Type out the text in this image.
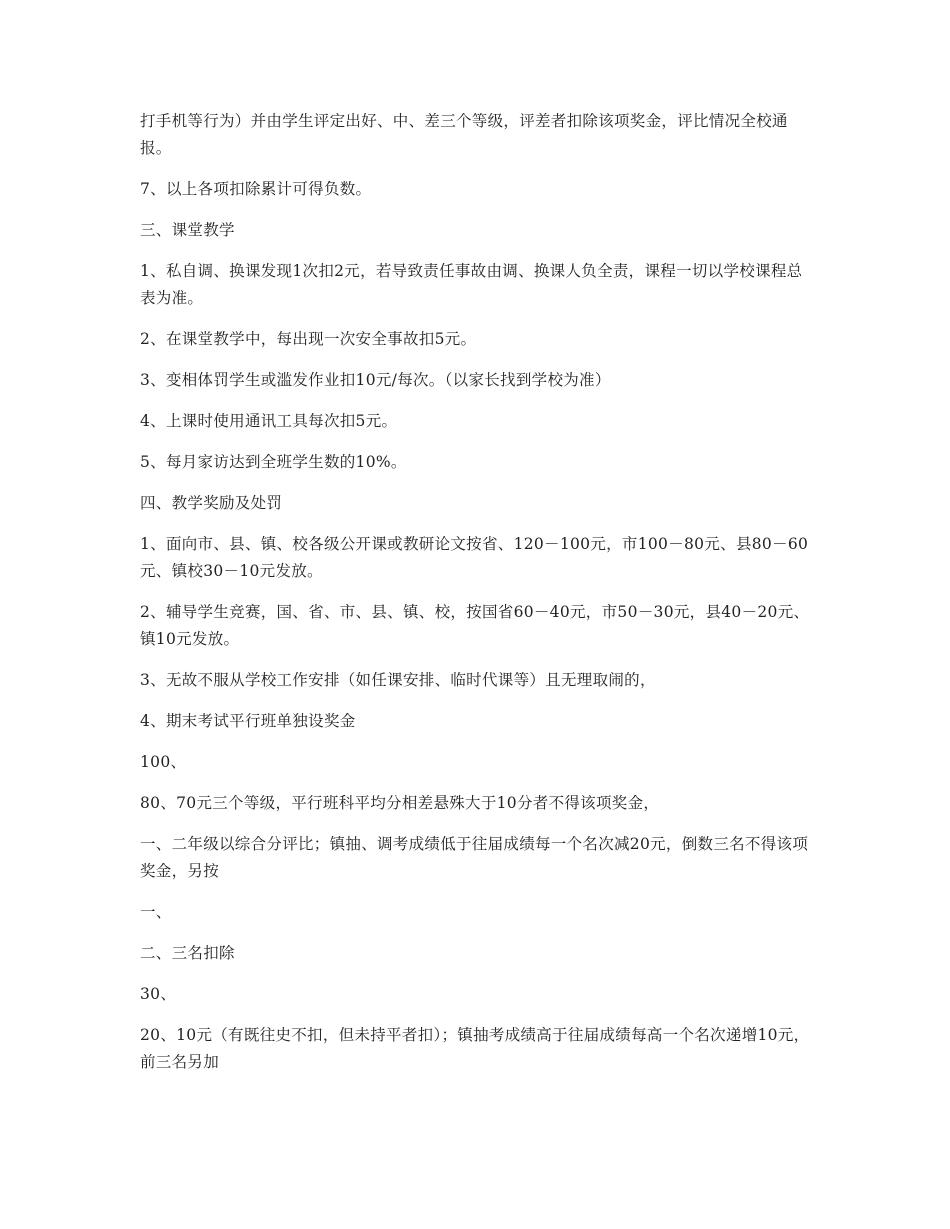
打手机等行为）并由学生评定出好、中、差三个等级，评差者扣除该项奖金，评比情况全校通报。

7、以上各项扣除累计可得负数。

三、课堂教学

1、私自调、换课发现1次扣2元，若导致责任事故由调、换课人负全责，课程一切以学校课程总表为准。

2、在课堂教学中，每出现一次安全事故扣5元。

3、变相体罚学生或滥发作业扣10元/每次。（以家长找到学校为准）

4、上课时使用通讯工具每次扣5元。

5、每月家访达到全班学生数的10%。

四、教学奖励及处罚

1、面向市、县、镇、校各级公开课或教研论文按省、120－100元，市100－80元、县80－60元、镇校30－10元发放。

2、辅导学生竞赛，国、省、市、县、镇、校，按国省60－40元，市50－30元，县40－20元、镇10元发放。

3、无故不服从学校工作安排（如任课安排、临时代课等）且无理取闹的，

4、期末考试平行班单独设奖金

100、

80、70元三个等级，平行班科平均分相差悬殊大于10分者不得该项奖金，

一、二年级以综合分评比；镇抽、调考成绩低于往届成绩每一个名次减20元，倒数三名不得该项奖金，另按

一、

二、三名扣除

30、

20、10元（有既往史不扣，但未持平者扣）；镇抽考成绩高于往届成绩每高一个名次递增10元，前三名另加
